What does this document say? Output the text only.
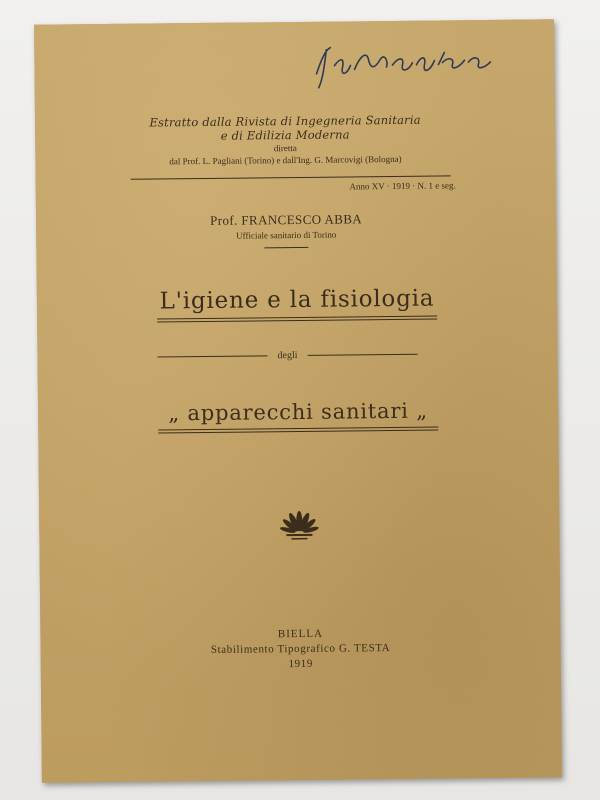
Estratto dalla Rivista di Ingegneria Sanitaria
e di Edilizia Moderna
diretta
dal Prof. L. Pagliani (Torino) e dall'Ing. G. Marcovigi (Bologna)
Anno XV · 1919 · N. 1 e seg.
Prof. FRANCESCO ABBA
Ufficiale sanitario di Torino
L'igiene e la fisiologia
degli
„ apparecchi sanitari „
BIELLA
Stabilimento Tipografico G. TESTA
1919
